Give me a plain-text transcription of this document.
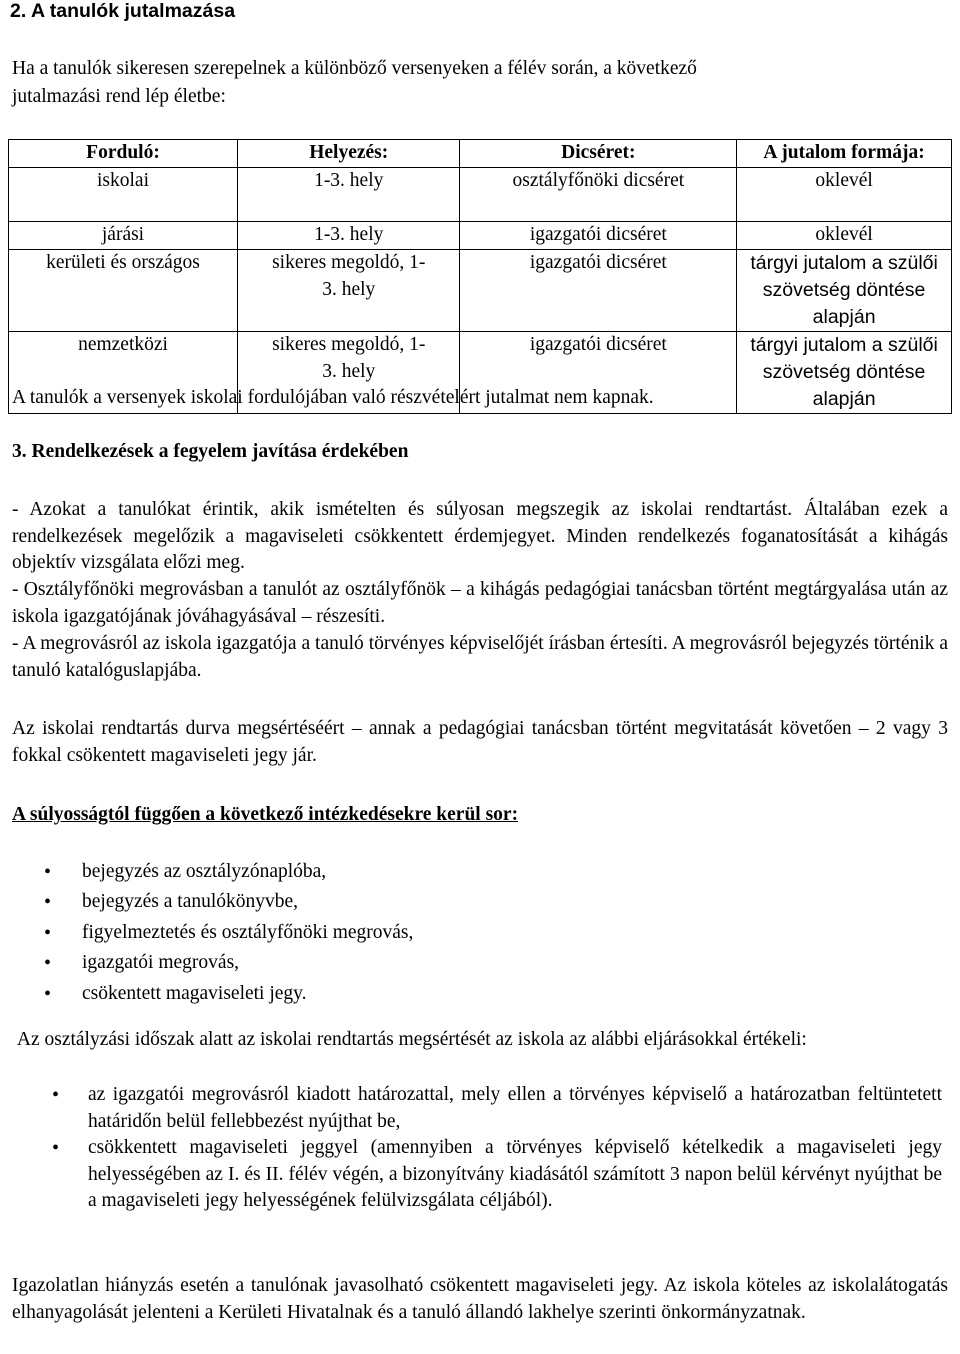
2. A tanulók jutalmazása
Ha a tanulók sikeresen szerepelnek a különböző versenyeken a félév során, a következő
jutalmazási rend lép életbe:
Forduló:	Helyezés:	Dicséret:	A jutalom formája:
iskolai	1-3. hely	osztályfőnöki dicséret	oklevél
járási	1-3. hely	igazgatói dicséret	oklevél
kerületi és országos	sikeres megoldó, 1-3. hely	igazgatói dicséret	tárgyi jutalom a szülői szövetség döntése alapján
nemzetközi	sikeres megoldó, 1-3. hely	igazgatói dicséret	tárgyi jutalom a szülői szövetség döntése alapján
A tanulók a versenyek iskolai fordulójában való részvételért jutalmat nem kapnak.
3. Rendelkezések a fegyelem javítása érdekében
- Azokat a tanulókat érintik, akik ismételten és súlyosan megszegik az iskolai rendtartást. Általában ezek a rendelkezések megelőzik a magaviseleti csökkentett érdemjegyet. Minden rendelkezés foganatosítását a kihágás objektív vizsgálata előzi meg.
- Osztályfőnöki megrovásban a tanulót az osztályfőnök – a kihágás pedagógiai tanácsban történt megtárgyalása után az iskola igazgatójának jóváhagyásával – részesíti.
- A megrovásról az iskola igazgatója a tanuló törvényes képviselőjét írásban értesíti. A megrovásról bejegyzés történik a tanuló katalóguslapjába.
Az iskolai rendtartás durva megsértéséért – annak a pedagógiai tanácsban történt megvitatását követően – 2 vagy 3 fokkal csökentett magaviseleti jegy jár.
A súlyosságtól függően a következő intézkedésekre kerül sor:
• bejegyzés az osztályzónaplóba,
• bejegyzés a tanulókönyvbe,
• figyelmeztetés és osztályfőnöki megrovás,
• igazgatói megrovás,
• csökentett magaviseleti jegy.
Az osztályzási időszak alatt az iskolai rendtartás megsértését az iskola az alábbi eljárásokkal értékeli:
• az igazgatói megrovásról kiadott határozattal, mely ellen a törvényes képviselő a határozatban feltüntetett határidőn belül fellebbezést nyújthat be,
• csökkentett magaviseleti jeggyel (amennyiben a törvényes képviselő kételkedik a magaviseleti jegy helyességében az I. és II. félév végén, a bizonyítvány kiadásától számított 3 napon belül kérvényt nyújthat be a magaviseleti jegy helyességének felülvizsgálata céljából).
Igazolatlan hiányzás esetén a tanulónak javasolható csökentett magaviseleti jegy. Az iskola köteles az iskolalátogatás elhanyagolását jelenteni a Kerületi Hivatalnak és a tanuló állandó lakhelye szerinti önkormányzatnak.
